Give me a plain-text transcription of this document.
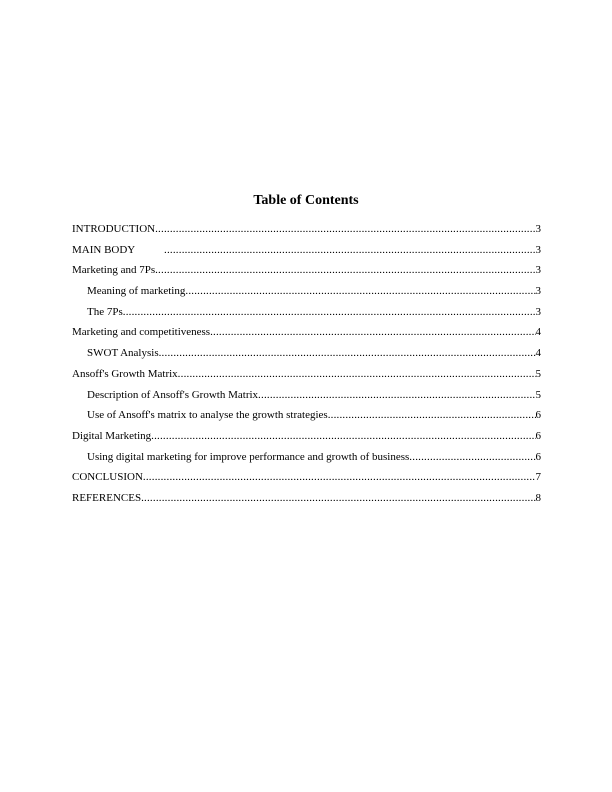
Table of Contents
INTRODUCTION .....	3
MAIN BODY .....	3
Marketing and 7Ps .....	3
Meaning of marketing .....	3
The 7Ps .....	3
Marketing and competitiveness .....	4
SWOT Analysis .....	4
Ansoff's Growth Matrix .....	5
Description of Ansoff's Growth Matrix .....	5
Use of Ansoff's matrix to analyse the growth strategies .....	6
Digital Marketing .....	6
Using digital marketing for improve performance and growth of business .....	6
CONCLUSION .....	7
REFERENCES .....	8
